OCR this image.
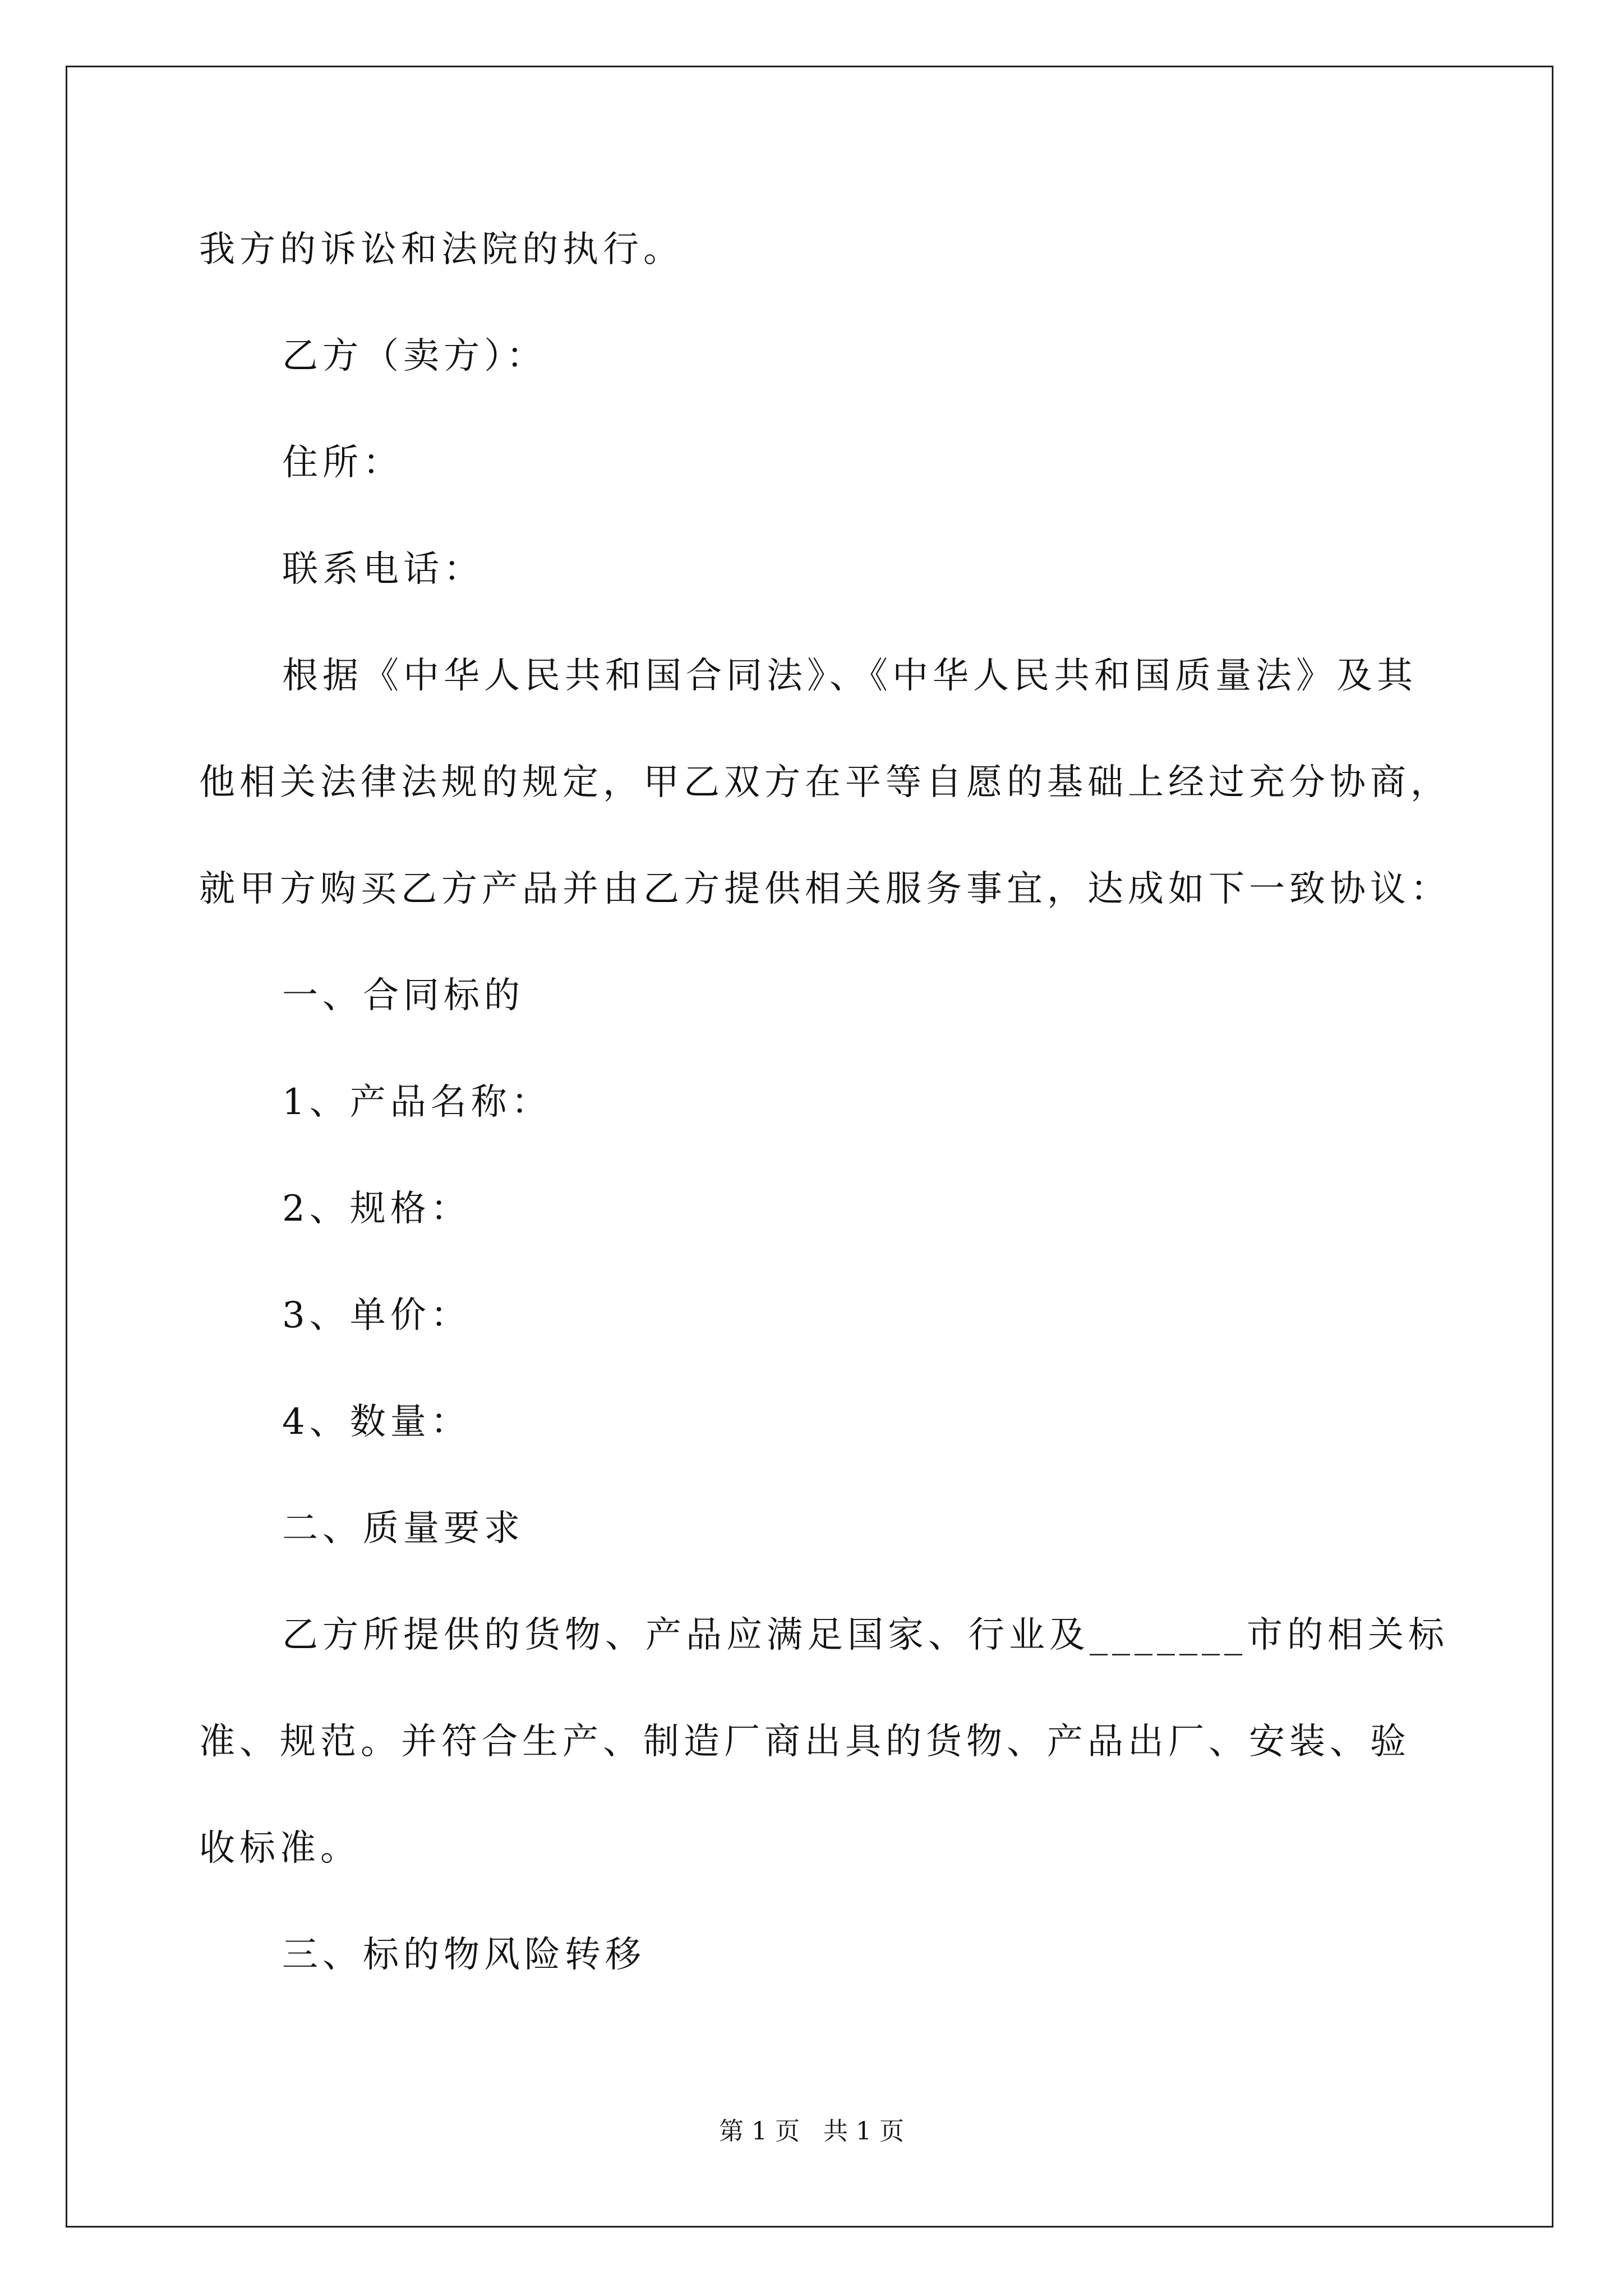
我方的诉讼和法院的执行。
乙方（卖方）：
住所：
联系电话：
根据《中华人民共和国合同法》、《中华人民共和国质量法》及其
他相关法律法规的规定，甲乙双方在平等自愿的基础上经过充分协商，
就甲方购买乙方产品并由乙方提供相关服务事宜，达成如下一致协议：
一、合同标的
1、产品名称：
2、规格：
3、单价：
4、数量：
二、质量要求
乙方所提供的货物、产品应满足国家、行业及_______市的相关标
准、规范。并符合生产、制造厂商出具的货物、产品出厂、安装、验
收标准。
三、标的物风险转移
第 1 页   共 1 页
